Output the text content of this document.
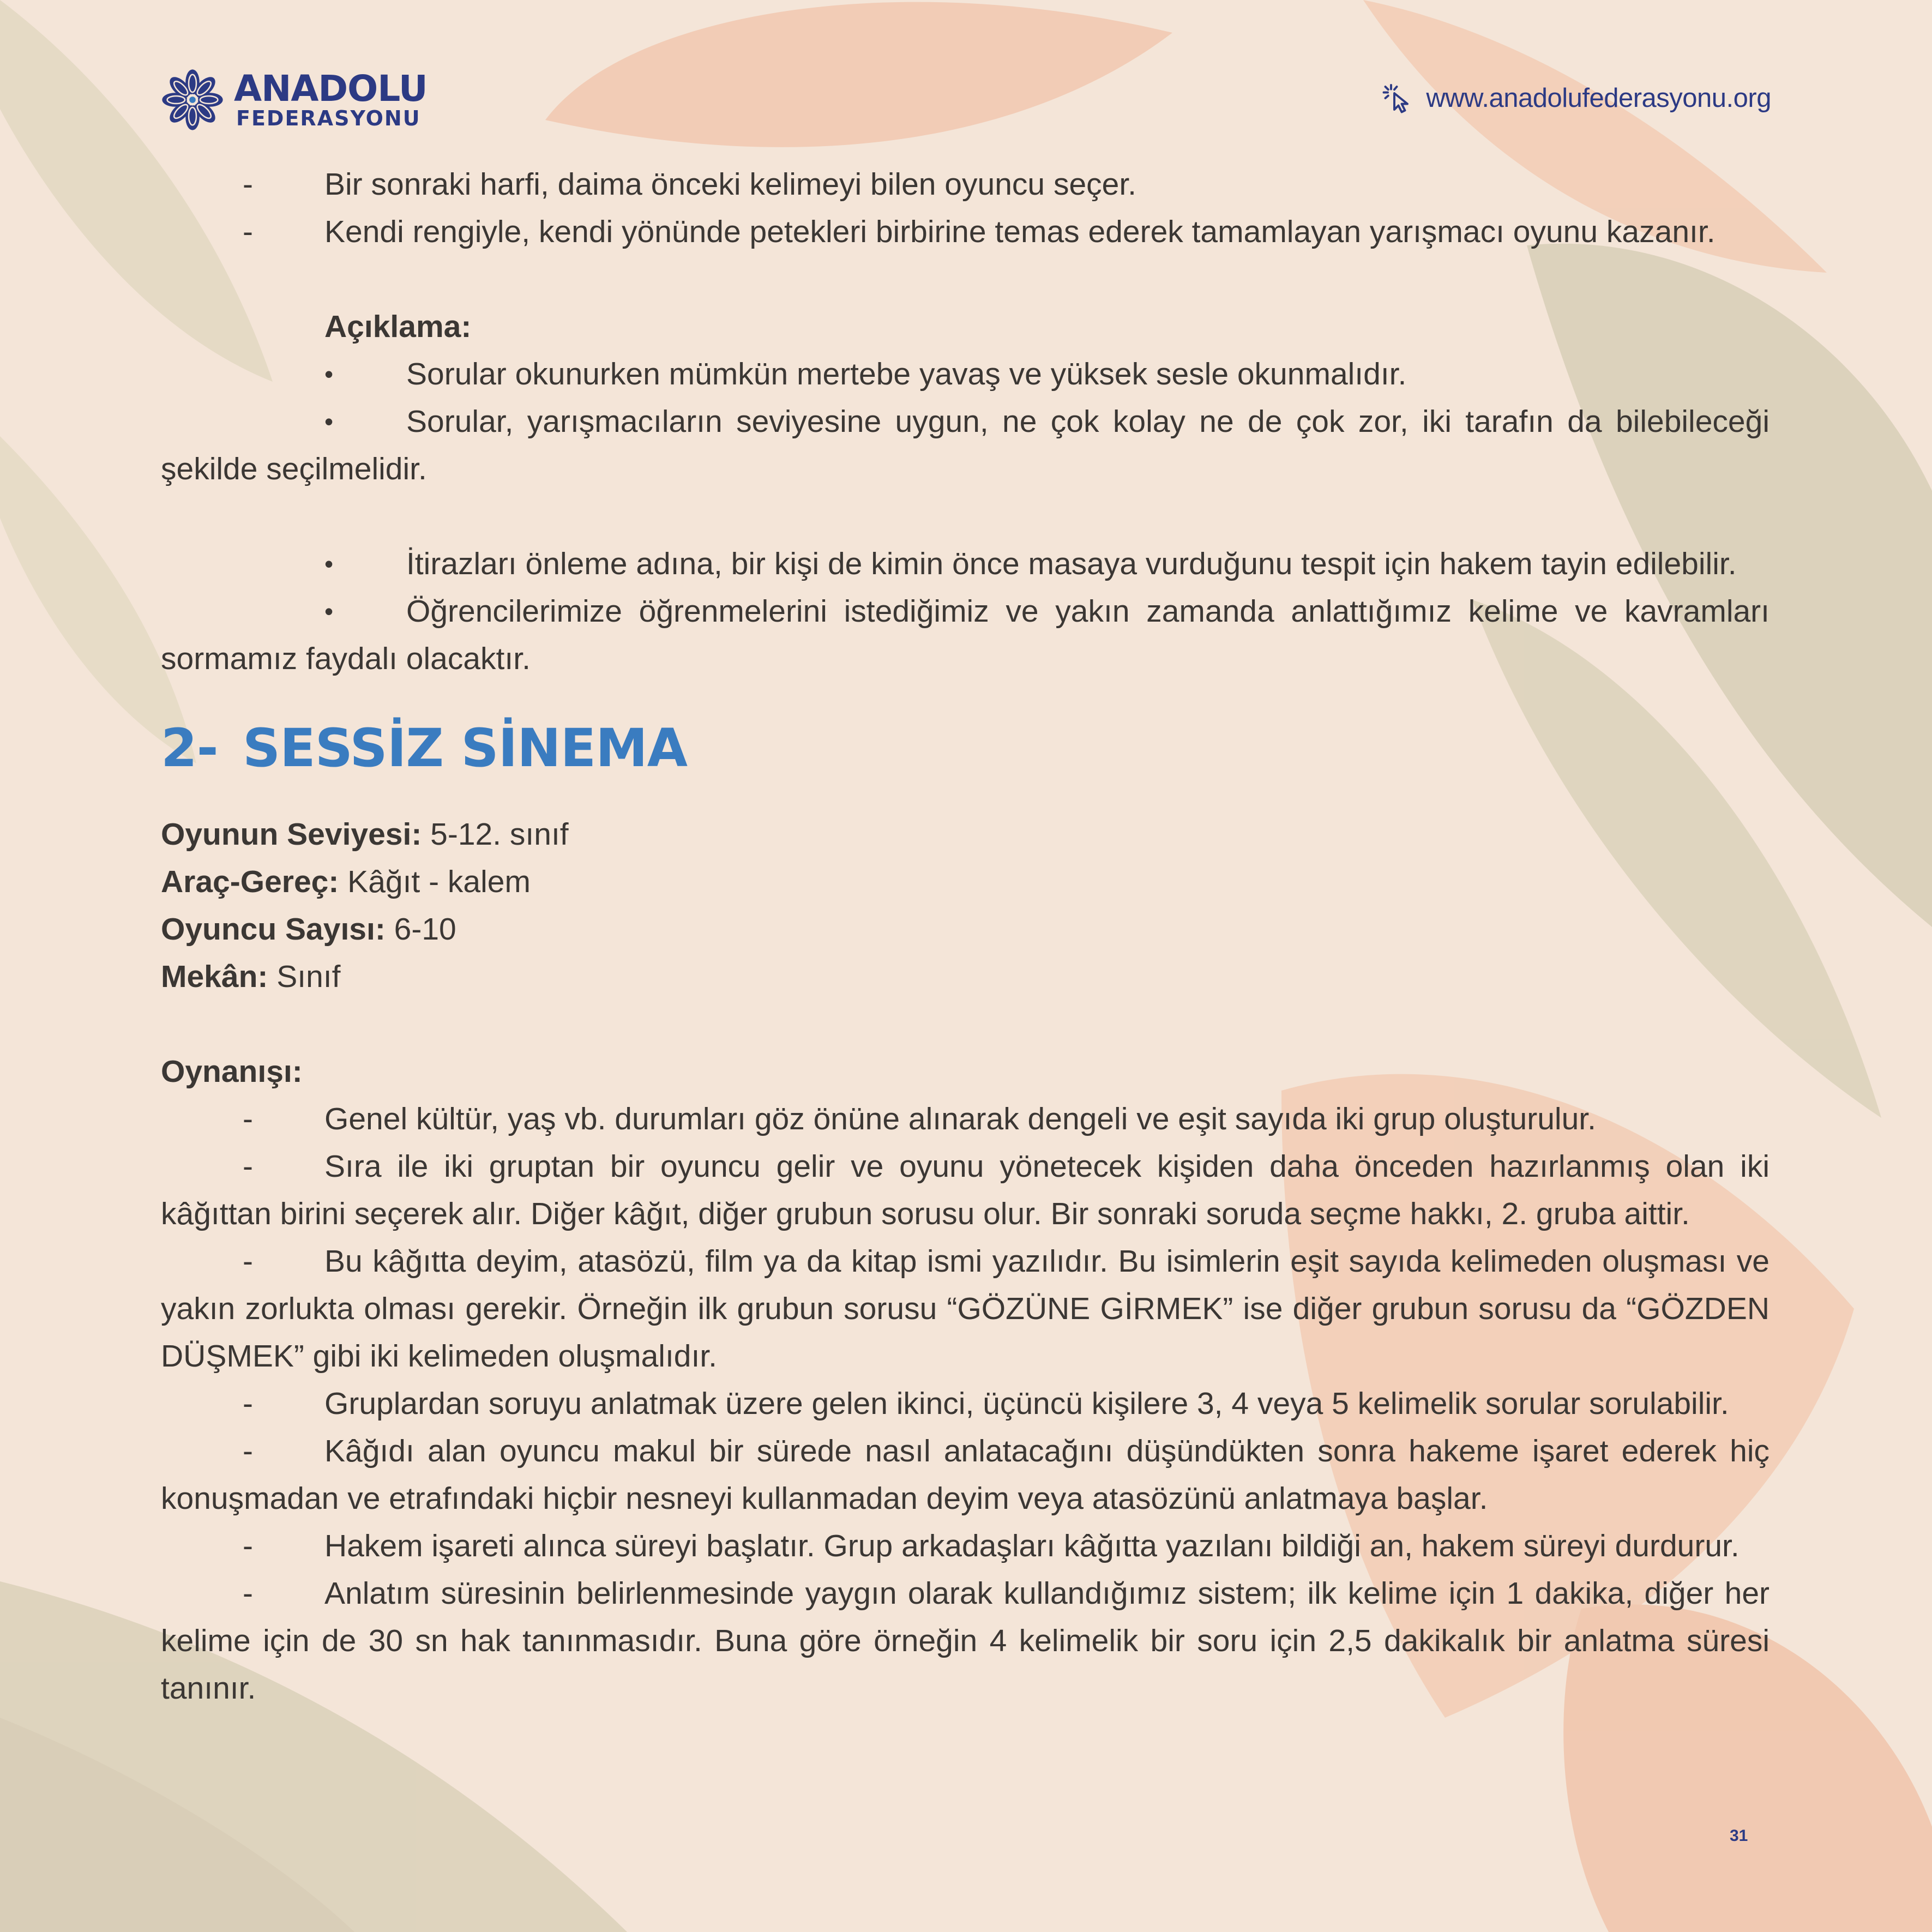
ANADOLU
FEDERASYONU
www.anadolufederasyonu.org
- Bir sonraki harfi, daima önceki kelimeyi bilen oyuncu seçer.
- Kendi rengiyle, kendi yönünde petekleri birbirine temas ederek tamamlayan yarışmacı oyunu kazanır.
Açıklama:
• Sorular okunurken mümkün mertebe yavaş ve yüksek sesle okunmalıdır.
• Sorular, yarışmacıların seviyesine uygun, ne çok kolay ne de çok zor, iki tarafın da bilebileceği
şekilde seçilmelidir.
• İtirazları önleme adına, bir kişi de kimin önce masaya vurduğunu tespit için hakem tayin edilebilir.
• Öğrencilerimize öğrenmelerini istediğimiz ve yakın zamanda anlattığımız kelime ve kavramları
sormamız faydalı olacaktır.
2- SESSİZ SİNEMA
Oyunun Seviyesi: 5-12. sınıf
Araç-Gereç: Kâğıt - kalem
Oyuncu Sayısı: 6-10
Mekân: Sınıf
Oynanışı:
- Genel kültür, yaş vb. durumları göz önüne alınarak dengeli ve eşit sayıda iki grup oluşturulur.
- Sıra ile iki gruptan bir oyuncu gelir ve oyunu yönetecek kişiden daha önceden hazırlanmış olan iki
kâğıttan birini seçerek alır. Diğer kâğıt, diğer grubun sorusu olur. Bir sonraki soruda seçme hakkı, 2. gruba aittir.
- Bu kâğıtta deyim, atasözü, film ya da kitap ismi yazılıdır. Bu isimlerin eşit sayıda kelimeden oluşması ve
yakın zorlukta olması gerekir. Örneğin ilk grubun sorusu “GÖZÜNE GİRMEK” ise diğer grubun sorusu da “GÖZDEN
DÜŞMEK” gibi iki kelimeden oluşmalıdır.
- Gruplardan soruyu anlatmak üzere gelen ikinci, üçüncü kişilere 3, 4 veya 5 kelimelik sorular sorulabilir.
- Kâğıdı alan oyuncu makul bir sürede nasıl anlatacağını düşündükten sonra hakeme işaret ederek hiç
konuşmadan ve etrafındaki hiçbir nesneyi kullanmadan deyim veya atasözünü anlatmaya başlar.
- Hakem işareti alınca süreyi başlatır. Grup arkadaşları kâğıtta yazılanı bildiği an, hakem süreyi durdurur.
- Anlatım süresinin belirlenmesinde yaygın olarak kullandığımız sistem; ilk kelime için 1 dakika, diğer her
kelime için de 30 sn hak tanınmasıdır. Buna göre örneğin 4 kelimelik bir soru için 2,5 dakikalık bir anlatma süresi
tanınır.
31
